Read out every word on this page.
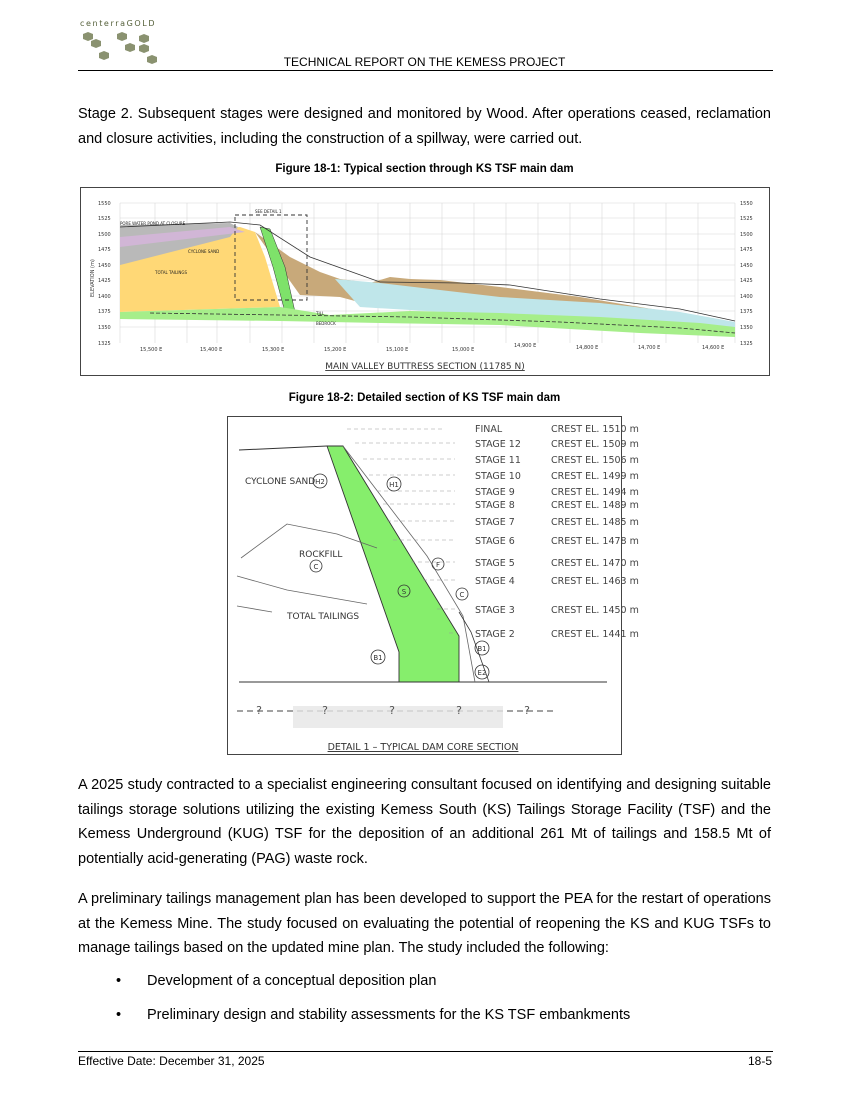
centerraGOLD
TECHNICAL REPORT ON THE KEMESS PROJECT
Stage 2. Subsequent stages were designed and monitored by Wood. After operations ceased, reclamation and closure activities, including the construction of a spillway, were carried out.
Figure 18-1: Typical section through KS TSF main dam
1550
1525
1500
1475
1450
1425
1400
1375
1350
1325
1550
1525
1500
1475
1450
1425
1400
1375
1350
1325
15,500 E	15,400 E	15,300 E	15,200 E	15,100 E	15,000 E
14,900 E	14,800 E	14,700 E	14,600 E
ELEVATION (m)
PORE WATER POND AT CLOSURE
SEE DETAIL 1
CYCLONE SAND
TOTAL TAILINGS
TILL
BEDROCK
MAIN VALLEY BUTTRESS SECTION (11785 N)
Figure 18-2: Detailed section of KS TSF main dam
FINAL	CREST EL. 1510 m
STAGE 12	CREST EL. 1509 m
STAGE 11	CREST EL. 1506 m
STAGE 10	CREST EL. 1499 m
STAGE 9	CREST EL. 1494 m
STAGE 8	CREST EL. 1489 m
STAGE 7	CREST EL. 1485 m
STAGE 6	CREST EL. 1478 m
STAGE 5	CREST EL. 1470 m
STAGE 4	CREST EL. 1463 m
STAGE 3	CREST EL. 1450 m
STAGE 2	CREST EL. 1441 m
CYCLONE SAND
ROCKFILL
TOTAL TAILINGS
H2	H1
C	F
S	C
B1
B1
E2
?	?	?	?	?
DETAIL 1 – TYPICAL DAM CORE SECTION
A 2025 study contracted to a specialist engineering consultant focused on identifying and designing suitable tailings storage solutions utilizing the existing Kemess South (KS) Tailings Storage Facility (TSF) and the Kemess Underground (KUG) TSF for the deposition of an additional 261 Mt of tailings and 158.5 Mt of potentially acid-generating (PAG) waste rock.
A preliminary tailings management plan has been developed to support the PEA for the restart of operations at the Kemess Mine. The study focused on evaluating the potential of reopening the KS and KUG TSFs to manage tailings based on the updated mine plan. The study included the following:
• Development of a conceptual deposition plan
• Preliminary design and stability assessments for the KS TSF embankments
Effective Date: December 31, 2025	18-5
